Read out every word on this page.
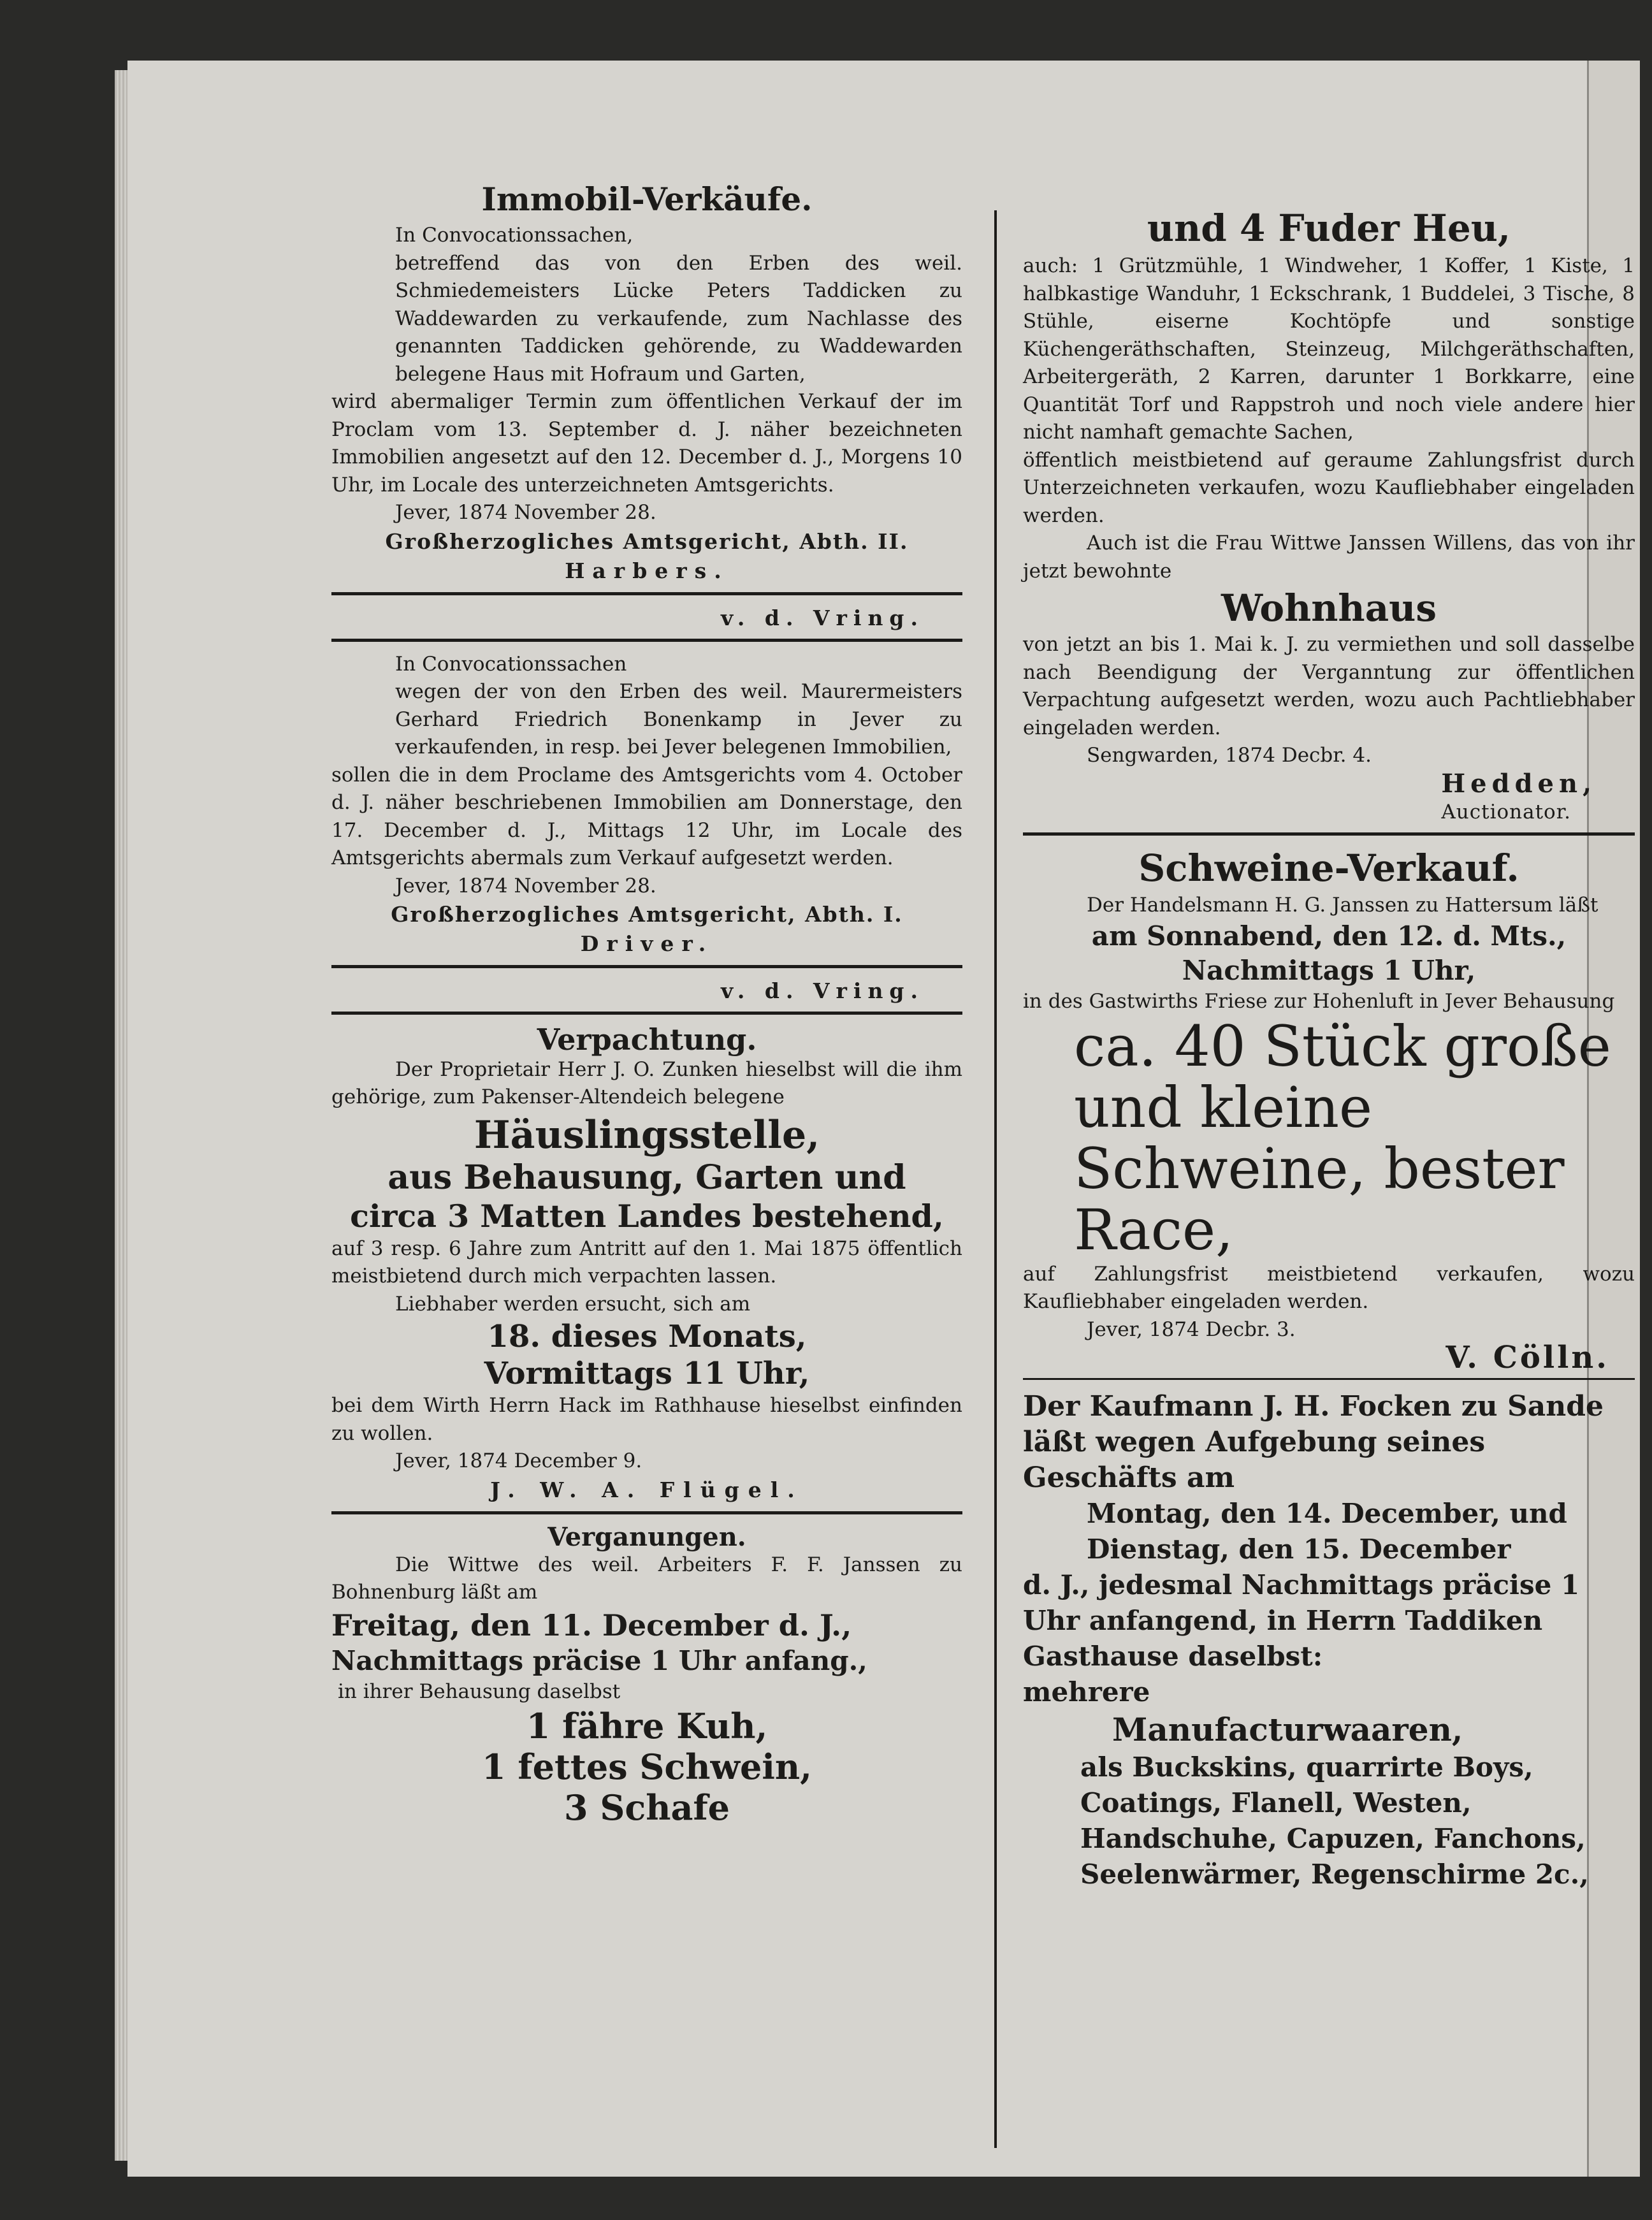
Immobil-Verkäufe.

In Convocationssachen,

betreffend das von den Erben des weil. Schmiedemeisters Lücke Peters Taddicken zu Waddewarden zu verkaufende, zum Nachlasse des genannten Taddicken gehörende, zu Waddewarden belegene Haus mit Hofraum und Garten,

wird abermaliger Termin zum öffentlichen Verkauf der im Proclam vom 13. September d. J. näher bezeichneten Immobilien angesetzt auf den 12. December d. J., Morgens 10 Uhr, im Locale des unterzeichneten Amtsgerichts.

Jever, 1874 November 28.

Großherzogliches Amtsgericht, Abth. II.
Harbers.
v. d. Vring.

In Convocationssachen

wegen der von den Erben des weil. Maurermeisters Gerhard Friedrich Bonenkamp in Jever zu verkaufenden, in resp. bei Jever belegenen Immobilien,

sollen die in dem Proclame des Amtsgerichts vom 4. October d. J. näher beschriebenen Immobilien am Donnerstage, den 17. December d. J., Mittags 12 Uhr, im Locale des Amtsgerichts abermals zum Verkauf aufgesetzt werden.

Jever, 1874 November 28.

Großherzogliches Amtsgericht, Abth. I.
Driver.
v. d. Vring.
Verpachtung.

Der Proprietair Herr J. O. Zunken hieselbst will die ihm gehörige, zum Pakenser-Altendeich belegene

Häuslingsstelle,
aus Behausung, Garten und
circa 3 Matten Landes bestehend,

auf 3 resp. 6 Jahre zum Antritt auf den 1. Mai 1875 öffentlich meistbietend durch mich verpachten lassen.

Liebhaber werden ersucht, sich am

18. dieses Monats,
Vormittags 11 Uhr,

bei dem Wirth Herrn Hack im Rathhause hieselbst einfinden zu wollen.

Jever, 1874 December 9.

J. W. A. Flügel.
Verganungen.

Die Wittwe des weil. Arbeiters F. F. Janssen zu Bohnenburg läßt am

Freitag, den 11. December d. J.,
Nachmittags präcise 1 Uhr anfang.,

in ihrer Behausung daselbst

1 fähre Kuh,
1 fettes Schwein,
3 Schafe
und 4 Fuder Heu,

auch: 1 Grützmühle, 1 Windweher, 1 Koffer, 1 Kiste, 1 halbkastige Wanduhr, 1 Eckschrank, 1 Buddelei, 3 Tische, 8 Stühle, eiserne Kochtöpfe und sonstige Küchengeräthschaften, Steinzeug, Milchgeräthschaften, Arbeitergeräth, 2 Karren, darunter 1 Borkkarre, eine Quantität Torf und Rappstroh und noch viele andere hier nicht namhaft gemachte Sachen,

öffentlich meistbietend auf geraume Zahlungsfrist durch Unterzeichneten verkaufen, wozu Kaufliebhaber eingeladen werden.

Auch ist die Frau Wittwe Janssen Willens, das von ihr jetzt bewohnte

Wohnhaus

von jetzt an bis 1. Mai k. J. zu vermiethen und soll dasselbe nach Beendigung der Verganntung zur öffentlichen Verpachtung aufgesetzt werden, wozu auch Pachtliebhaber eingeladen werden.

Sengwarden, 1874 Decbr. 4.

Hedden,
Auctionator.
Schweine-Verkauf.

Der Handelsmann H. G. Janssen zu Hattersum läßt

am Sonnabend, den 12. d. Mts.,
Nachmittags 1 Uhr,

in des Gastwirths Friese zur Hohenluft in Jever Behausung

ca. 40 Stück große und kleine Schweine, bester Race,

auf Zahlungsfrist meistbietend verkaufen, wozu Kaufliebhaber eingeladen werden.

Jever, 1874 Decbr. 3.

V. Cölln.
Der Kaufmann J. H. Focken zu Sande läßt wegen Aufgebung seines Geschäfts am
Montag, den 14. December, und
Dienstag, den 15. December
d. J., jedesmal Nachmittags präcise 1 Uhr anfangend, in Herrn Taddiken Gasthause daselbst:
mehrere
Manufacturwaaren,
als Buckskins, quarrirte Boys, Coatings, Flanell, Westen, Handschuhe, Capuzen, Fanchons, Seelenwärmer, Regenschirme 2c.,
